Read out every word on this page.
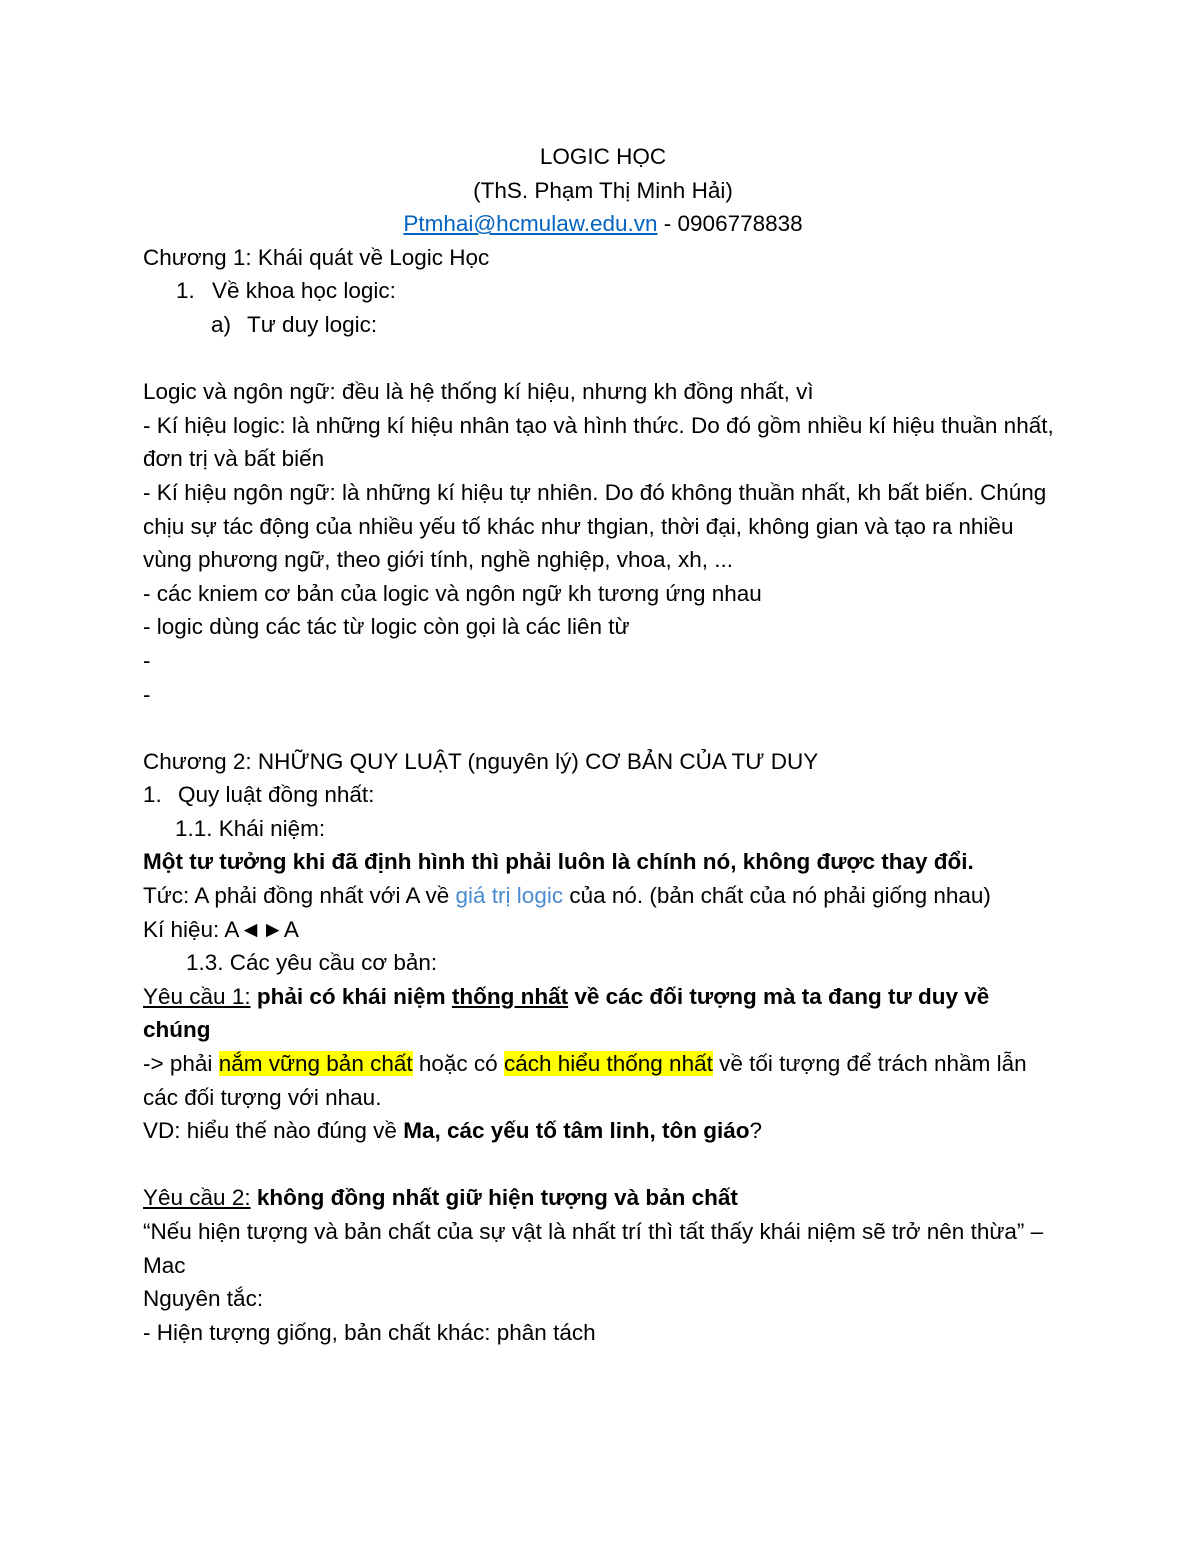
LOGIC HỌC
(ThS. Phạm Thị Minh Hải)
Ptmhai@hcmulaw.edu.vn - 0906778838
Chương 1: Khái quát về Logic Học
1. Về khoa học logic:
a) Tư duy logic:
Logic và ngôn ngữ: đều là hệ thống kí hiệu, nhưng kh đồng nhất, vì
- Kí hiệu logic: là những kí hiệu nhân tạo và hình thức. Do đó gồm nhiều kí hiệu thuần nhất, đơn trị và bất biến
- Kí hiệu ngôn ngữ: là những kí hiệu tự nhiên. Do đó không thuần nhất, kh bất biến. Chúng chịu sự tác động của nhiều yếu tố khác như thgian, thời đại, không gian và tạo ra nhiều vùng phương ngữ, theo giới tính, nghề nghiệp, vhoa, xh, ...
- các kniem cơ bản của logic và ngôn ngữ kh tương ứng nhau
- logic dùng các tác từ logic còn gọi là các liên từ
-
-
Chương 2: NHỮNG QUY LUẬT (nguyên lý) CƠ BẢN CỦA TƯ DUY
1. Quy luật đồng nhất:
1.1. Khái niệm:
Một tư tưởng khi đã định hình thì phải luôn là chính nó, không được thay đổi.
Tức: A phải đồng nhất với A về giá trị logic của nó. (bản chất của nó phải giống nhau)
Kí hiệu: A◄►A
1.3. Các yêu cầu cơ bản:
Yêu cầu 1: phải có khái niệm thống nhất về các đối tượng mà ta đang tư duy về chúng
-> phải nắm vững bản chất hoặc có cách hiểu thống nhất về tối tượng để trách nhầm lẫn các đối tượng với nhau.
VD: hiểu thế nào đúng về Ma, các yếu tố tâm linh, tôn giáo?
Yêu cầu 2: không đồng nhất giữ hiện tượng và bản chất
“Nếu hiện tượng và bản chất của sự vật là nhất trí thì tất thấy khái niệm sẽ trở nên thừa” – Mac
Nguyên tắc:
- Hiện tượng giống, bản chất khác: phân tách
